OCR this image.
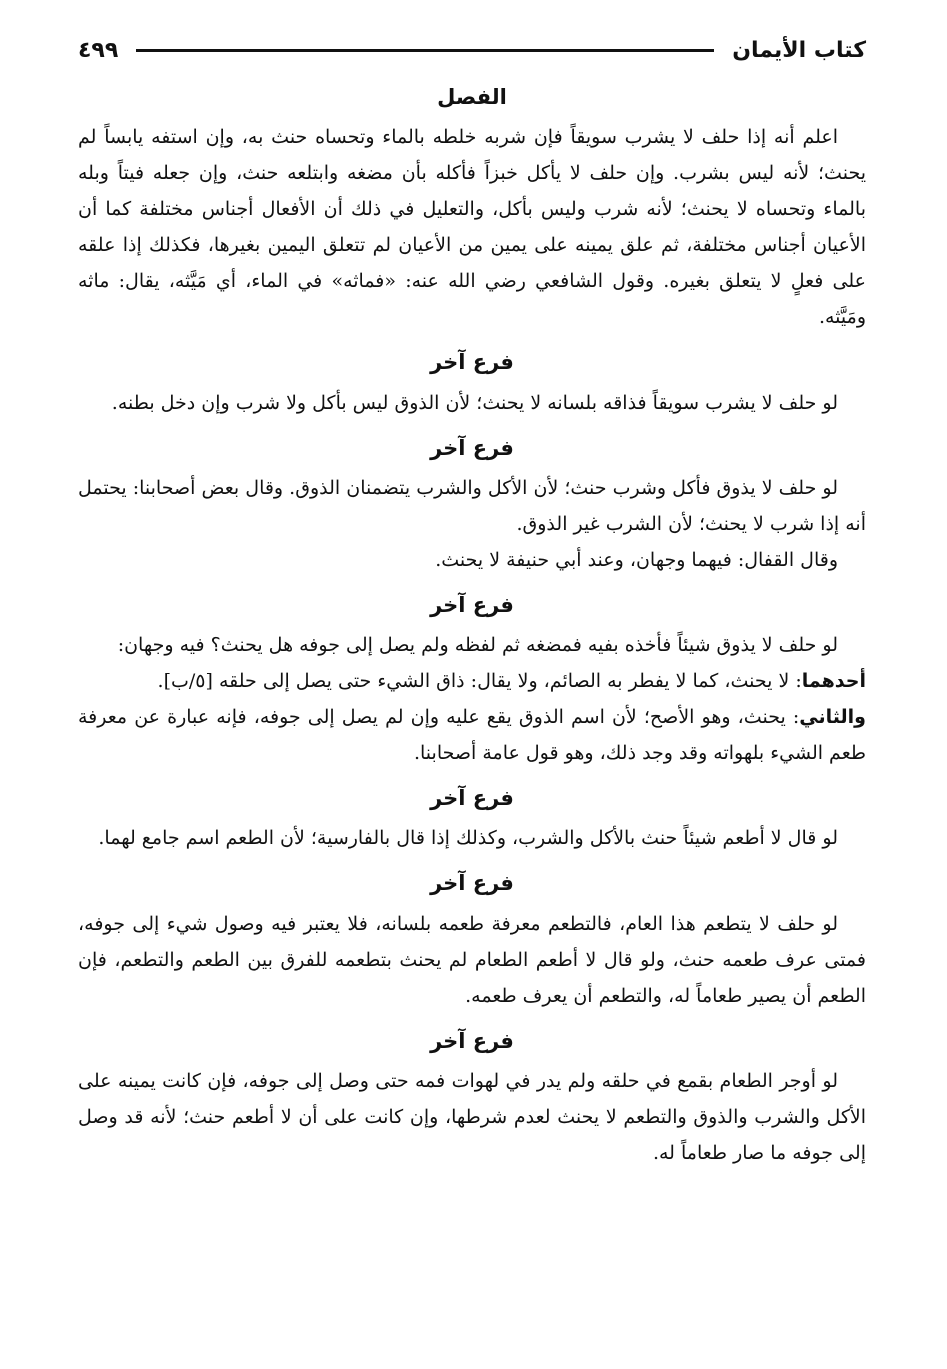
كتاب الأيمان
٤٩٩
الفصل

اعلم أنه إذا حلف لا يشرب سويقاً فإن شربه خلطه بالماء وتحساه حنث به، وإن استفه يابساً لم يحنث؛ لأنه ليس بشرب. وإن حلف لا يأكل خبزاً فأكله بأن مضغه وابتلعه حنث، وإن جعله فيتاً وبله بالماء وتحساه لا يحنث؛ لأنه شرب وليس بأكل، والتعليل في ذلك أن الأفعال أجناس مختلفة كما أن الأعيان أجناس مختلفة، ثم علق يمينه على يمين من الأعيان لم تتعلق اليمين بغيرها، فكذلك إذا علقه على فعلٍ لا يتعلق بغيره. وقول الشافعي رضي الله عنه: «فماثه» في الماء، أي مَيَّثه، يقال: ماثه ومَيَّثه.

فرع آخر

لو حلف لا يشرب سويقاً فذاقه بلسانه لا يحنث؛ لأن الذوق ليس بأكل ولا شرب وإن دخل بطنه.

فرع آخر

لو حلف لا يذوق فأكل وشرب حنث؛ لأن الأكل والشرب يتضمنان الذوق. وقال بعض أصحابنا: يحتمل أنه إذا شرب لا يحنث؛ لأن الشرب غير الذوق.

وقال القفال: فيهما وجهان، وعند أبي حنيفة لا يحنث.

فرع آخر

لو حلف لا يذوق شيئاً فأخذه بفيه فمضغه ثم لفظه ولم يصل إلى جوفه هل يحنث؟ فيه وجهان:

أحدهما: لا يحنث، كما لا يفطر به الصائم، ولا يقال: ذاق الشيء حتى يصل إلى حلقه [٥/ب].

والثاني: يحنث، وهو الأصح؛ لأن اسم الذوق يقع عليه وإن لم يصل إلى جوفه، فإنه عبارة عن معرفة طعم الشيء بلهواته وقد وجد ذلك، وهو قول عامة أصحابنا.

فرع آخر

لو قال لا أطعم شيئاً حنث بالأكل والشرب، وكذلك إذا قال بالفارسية؛ لأن الطعم اسم جامع لهما.

فرع آخر

لو حلف لا يتطعم هذا العام، فالتطعم معرفة طعمه بلسانه، فلا يعتبر فيه وصول شيء إلى جوفه، فمتى عرف طعمه حنث، ولو قال لا أطعم الطعام لم يحنث بتطعمه للفرق بين الطعم والتطعم، فإن الطعم أن يصير طعاماً له، والتطعم أن يعرف طعمه.

فرع آخر

لو أوجر الطعام بقمع في حلقه ولم يدر في لهوات فمه حتى وصل إلى جوفه، فإن كانت يمينه على الأكل والشرب والذوق والتطعم لا يحنث لعدم شرطها، وإن كانت على أن لا أطعم حنث؛ لأنه قد وصل إلى جوفه ما صار طعاماً له.
